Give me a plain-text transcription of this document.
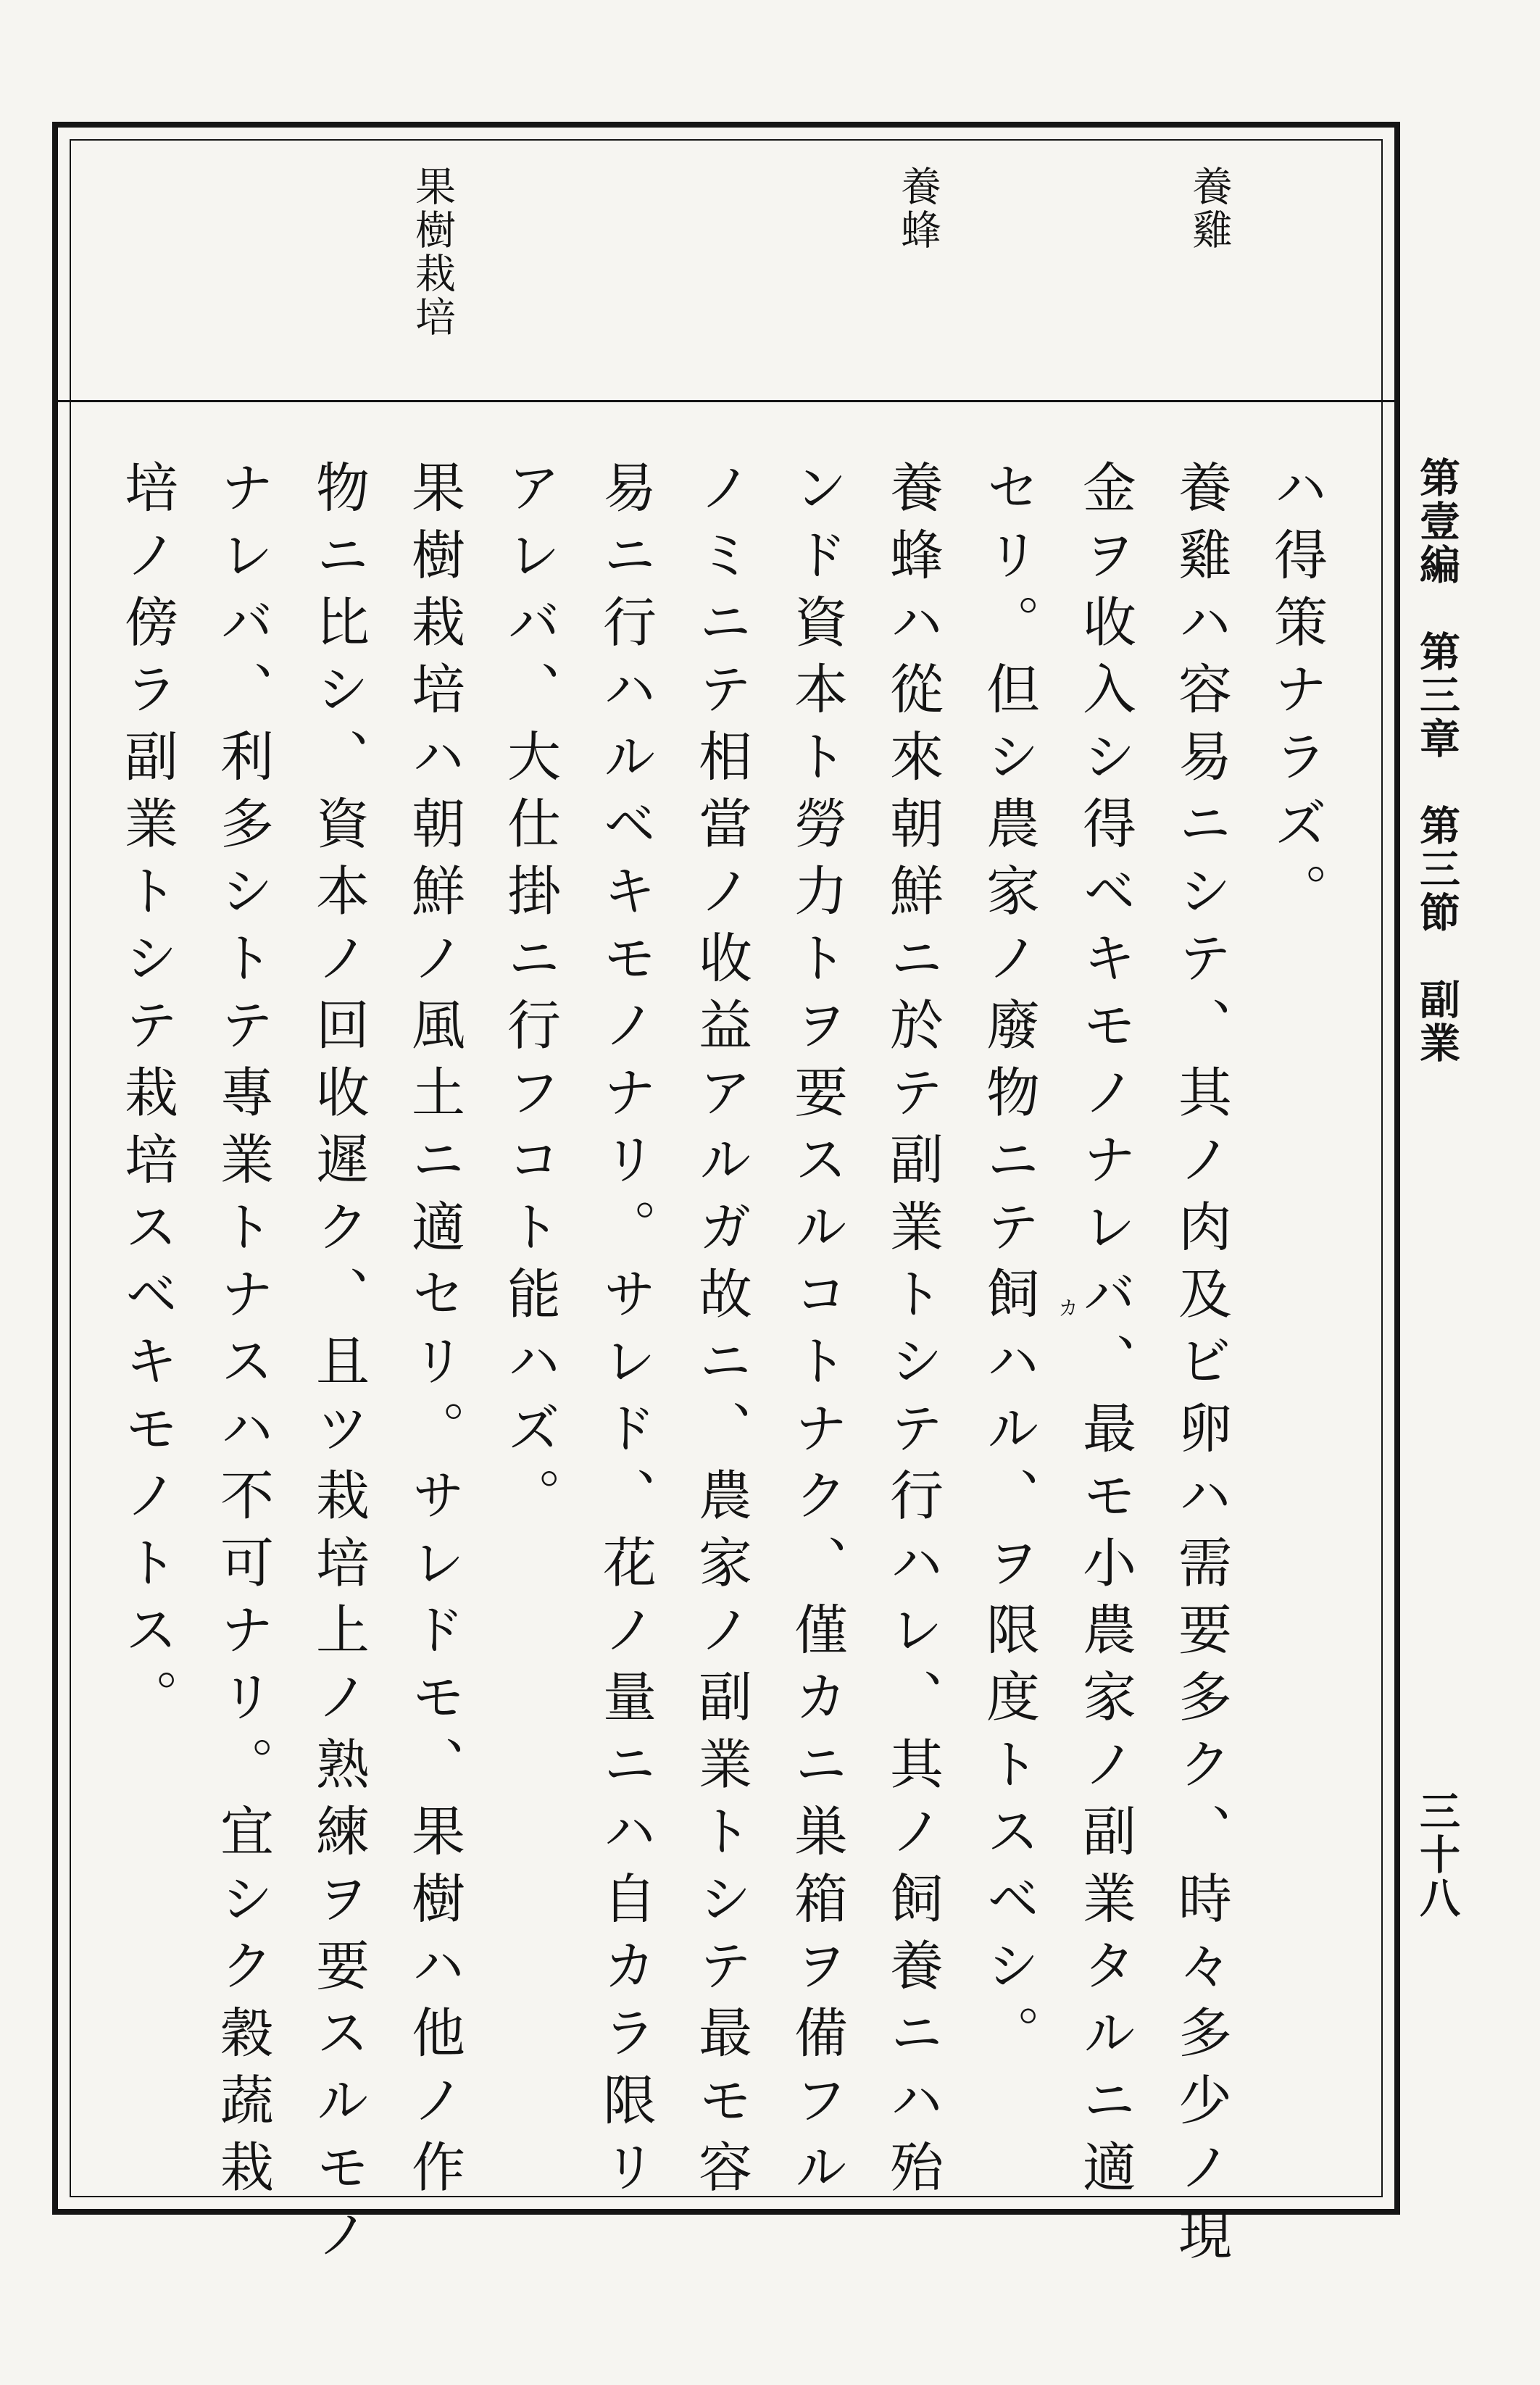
養雞
養蜂
果樹栽培
ハ得策ナラズ。
養雞ハ容易ニシテ、其ノ肉及ビ卵ハ需要多ク、時々多少ノ現
金ヲ收入シ得ベキモノナレバ、最モ小農家ノ副業タルニ適
セリ。但シ農家ノ廢物ニテ飼ハル、ヲ限度トスベシ。
養蜂ハ從來朝鮮ニ於テ副業トシテ行ハレ、其ノ飼養ニハ殆
ンド資本ト勞力トヲ要スルコトナク、僅カニ巣箱ヲ備フル
ノミニテ相當ノ收益アルガ故ニ、農家ノ副業トシテ最モ容
易ニ行ハルベキモノナリ。サレド、花ノ量ニハ自カラ限リ
アレバ、大仕掛ニ行フコト能ハズ。
果樹栽培ハ朝鮮ノ風土ニ適セリ。サレドモ、果樹ハ他ノ作
物ニ比シ、資本ノ回收遲ク、且ツ栽培上ノ熟練ヲ要スルモノ
ナレバ、利多シトテ專業トナスハ不可ナリ。宜シク穀蔬栽
培ノ傍ラ副業トシテ栽培スベキモノトス。	カ
第壹編　第三章　第三節　副業
三十八
